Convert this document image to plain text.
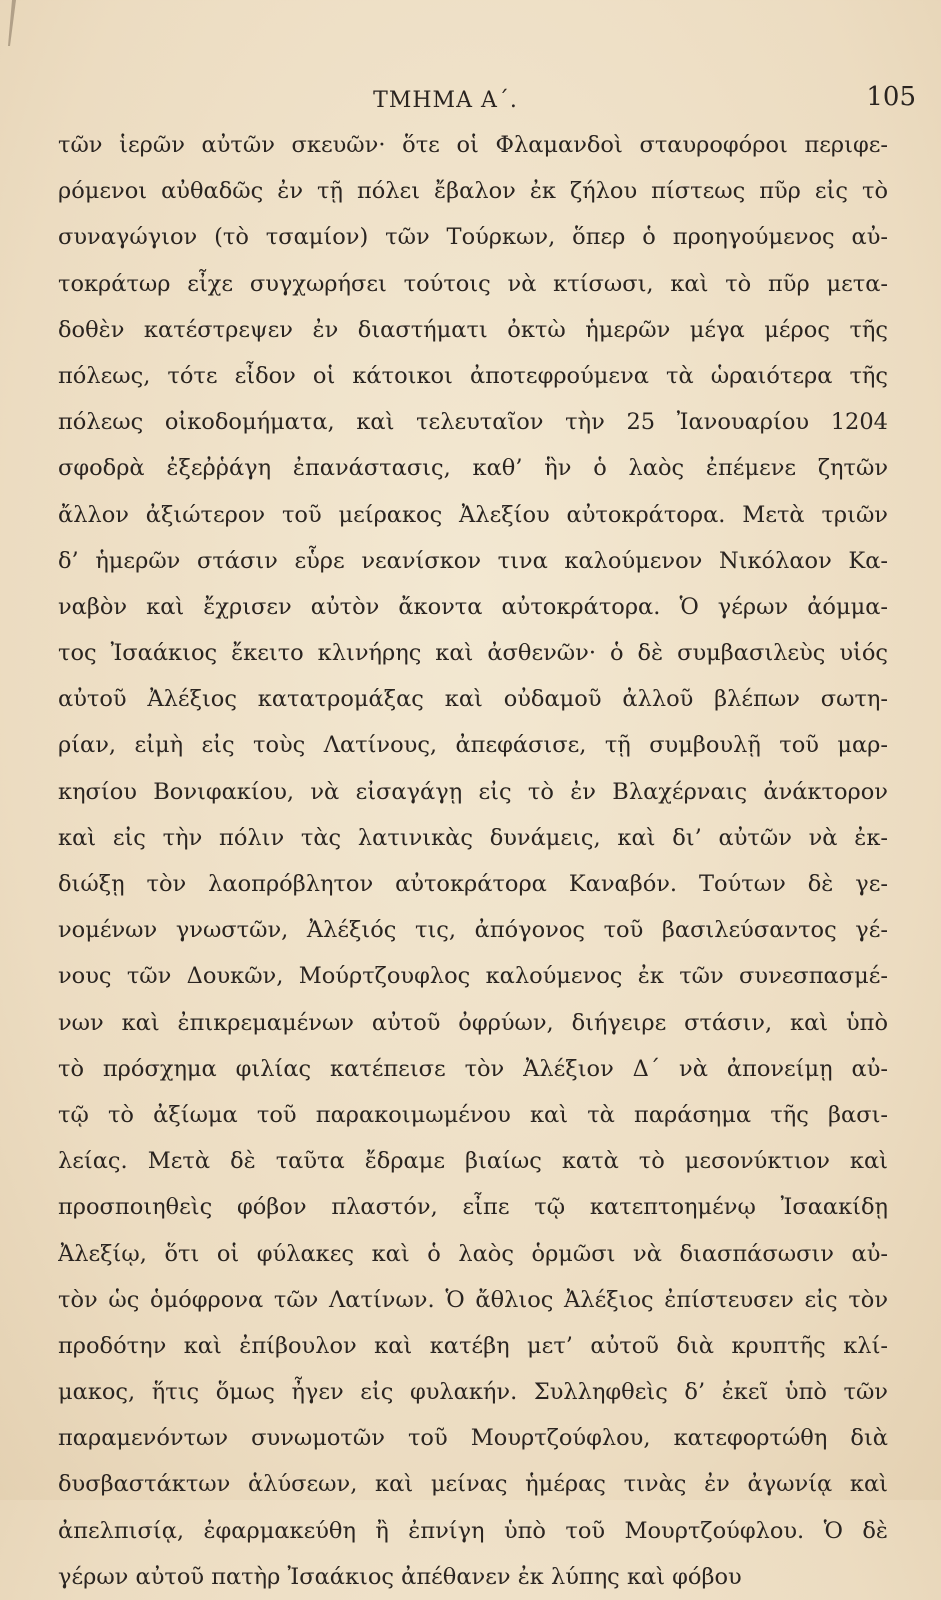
ΤΜΗΜΑ Α΄.	105
τῶν ἱερῶν αὐτῶν σκευῶν· ὅτε οἱ Φλαμανδοὶ σταυροφόροι περιφε-
ρόμενοι αὐθαδῶς ἐν τῇ πόλει ἔβαλον ἐκ ζήλου πίστεως πῦρ εἰς τὸ
συναγώγιον (τὸ τσαμίον) τῶν Τούρκων, ὅπερ ὁ προηγούμενος αὐ-
τοκράτωρ εἶχε συγχωρήσει τούτοις νὰ κτίσωσι, καὶ τὸ πῦρ μετα-
δοθὲν κατέστρεψεν ἐν διαστήματι ὀκτὼ ἡμερῶν μέγα μέρος τῆς
πόλεως, τότε εἶδον οἱ κάτοικοι ἀποτεφρούμενα τὰ ὡραιότερα τῆς
πόλεως οἰκοδομήματα, καὶ τελευταῖον τὴν 25 Ἰανουαρίου 1204
σφοδρὰ ἐξεῤῥάγη ἐπανάστασις, καθ’ ἣν ὁ λαὸς ἐπέμενε ζητῶν
ἄλλον ἀξιώτερον τοῦ μείρακος Ἀλεξίου αὐτοκράτορα. Μετὰ τριῶν
δ’ ἡμερῶν στάσιν εὗρε νεανίσκον τινα καλούμενον Νικόλαον Κα-
ναβὸν καὶ ἔχρισεν αὐτὸν ἄκοντα αὐτοκράτορα. Ὁ γέρων ἀόμμα-
τος Ἰσαάκιος ἔκειτο κλινήρης καὶ ἀσθενῶν· ὁ δὲ συμβασιλεὺς υἱός
αὐτοῦ Ἀλέξιος κατατρομάξας καὶ οὐδαμοῦ ἀλλοῦ βλέπων σωτη-
ρίαν, εἰμὴ εἰς τοὺς Λατίνους, ἀπεφάσισε, τῇ συμβουλῇ τοῦ μαρ-
κησίου Βονιφακίου, νὰ εἰσαγάγῃ εἰς τὸ ἐν Βλαχέρναις ἀνάκτορον
καὶ εἰς τὴν πόλιν τὰς λατινικὰς δυνάμεις, καὶ δι’ αὐτῶν νὰ ἐκ-
διώξῃ τὸν λαοπρόβλητον αὐτοκράτορα Καναβόν. Τούτων δὲ γε-
νομένων γνωστῶν, Ἀλέξιός τις, ἀπόγονος τοῦ βασιλεύσαντος γέ-
νους τῶν Δουκῶν, Μούρτζουφλος καλούμενος ἐκ τῶν συνεσπασμέ-
νων καὶ ἐπικρεμαμένων αὐτοῦ ὀφρύων, διήγειρε στάσιν, καὶ ὑπὸ
τὸ πρόσχημα φιλίας κατέπεισε τὸν Ἀλέξιον Δ΄ νὰ ἀπονείμῃ αὐ-
τῷ τὸ ἀξίωμα τοῦ παρακοιμωμένου καὶ τὰ παράσημα τῆς βασι-
λείας. Μετὰ δὲ ταῦτα ἔδραμε βιαίως κατὰ τὸ μεσονύκτιον καὶ
προσποιηθεὶς φόβον πλαστόν, εἶπε τῷ κατεπτοημένῳ Ἰσαακίδῃ
Ἀλεξίῳ, ὅτι οἱ φύλακες καὶ ὁ λαὸς ὁρμῶσι νὰ διασπάσωσιν αὐ-
τὸν ὡς ὁμόφρονα τῶν Λατίνων. Ὁ ἄθλιος Ἀλέξιος ἐπίστευσεν εἰς τὸν
προδότην καὶ ἐπίβουλον καὶ κατέβη μετ’ αὐτοῦ διὰ κρυπτῆς κλί-
μακος, ἥτις ὅμως ἦγεν εἰς φυλακήν. Συλληφθεὶς δ’ ἐκεῖ ὑπὸ τῶν
παραμενόντων συνωμοτῶν τοῦ Μουρτζούφλου, κατεφορτώθη διὰ
δυσβαστάκτων ἁλύσεων, καὶ μείνας ἡμέρας τινὰς ἐν ἀγωνίᾳ καὶ
ἀπελπισίᾳ, ἐφαρμακεύθη ἢ ἐπνίγη ὑπὸ τοῦ Μουρτζούφλου. Ὁ δὲ
γέρων αὐτοῦ πατὴρ Ἰσαάκιος ἀπέθανεν ἐκ λύπης καὶ φόβου
